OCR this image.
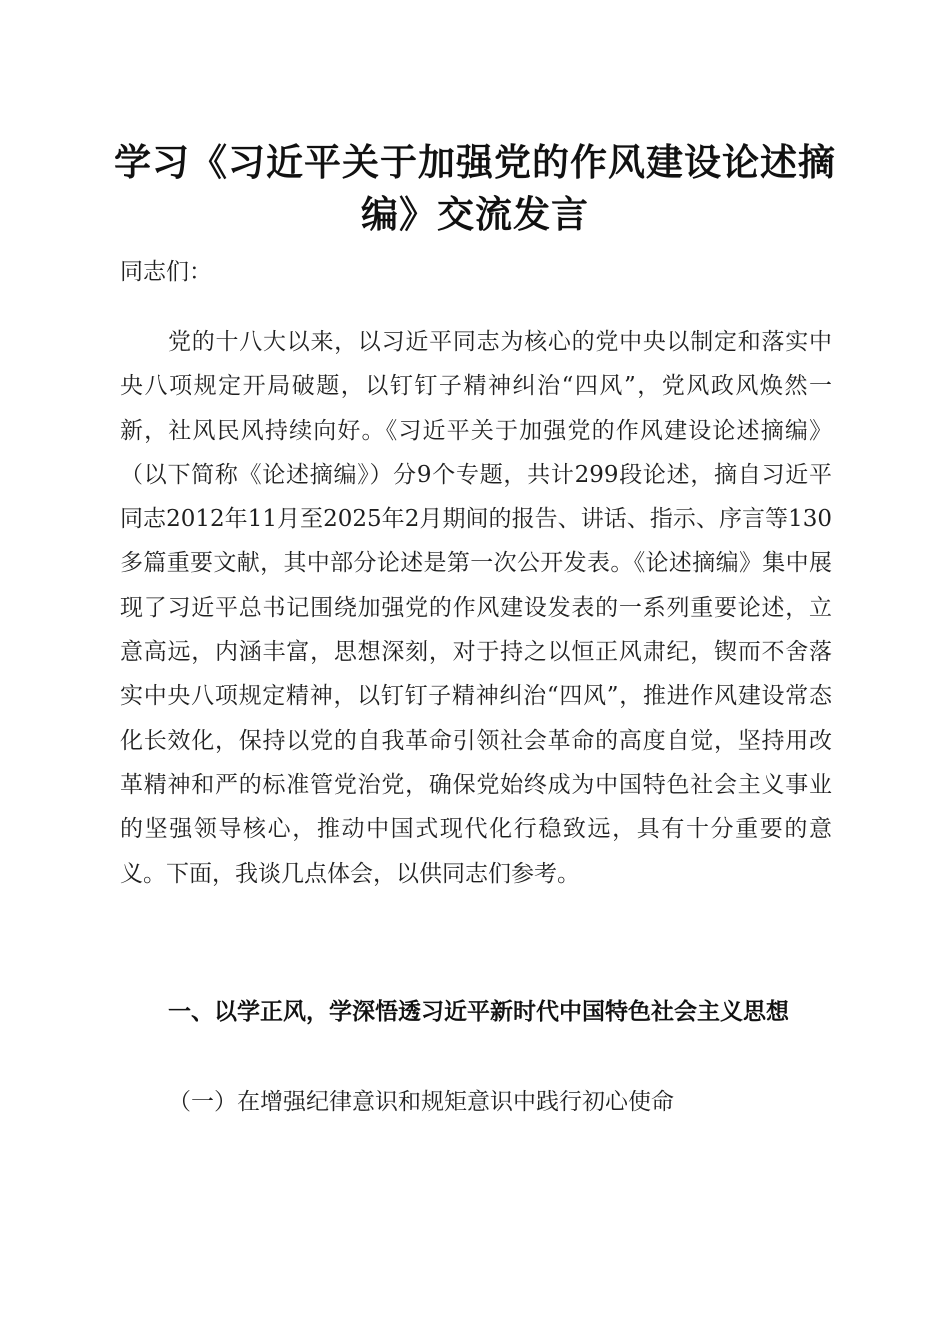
学习《习近平关于加强党的作风建设论述摘
编》交流发言
同志们：
党的十八大以来，以习近平同志为核心的党中央以制定和落实中央八项规定开局破题，以钉钉子精神纠治“四风”，党风政风焕然一新，社风民风持续向好。《习近平关于加强党的作风建设论述摘编》（以下简称《论述摘编》）分9个专题，共计299段论述，摘自习近平同志2012年11月至2025年2月期间的报告、讲话、指示、序言等130多篇重要文献，其中部分论述是第一次公开发表。《论述摘编》集中展现了习近平总书记围绕加强党的作风建设发表的一系列重要论述，立意高远，内涵丰富，思想深刻，对于持之以恒正风肃纪，锲而不舍落实中央八项规定精神，以钉钉子精神纠治“四风”，推进作风建设常态化长效化，保持以党的自我革命引领社会革命的高度自觉，坚持用改革精神和严的标准管党治党，确保党始终成为中国特色社会主义事业的坚强领导核心，推动中国式现代化行稳致远，具有十分重要的意义。下面，我谈几点体会，以供同志们参考。
一、以学正风，学深悟透习近平新时代中国特色社会主义思想
（一）在增强纪律意识和规矩意识中践行初心使命
